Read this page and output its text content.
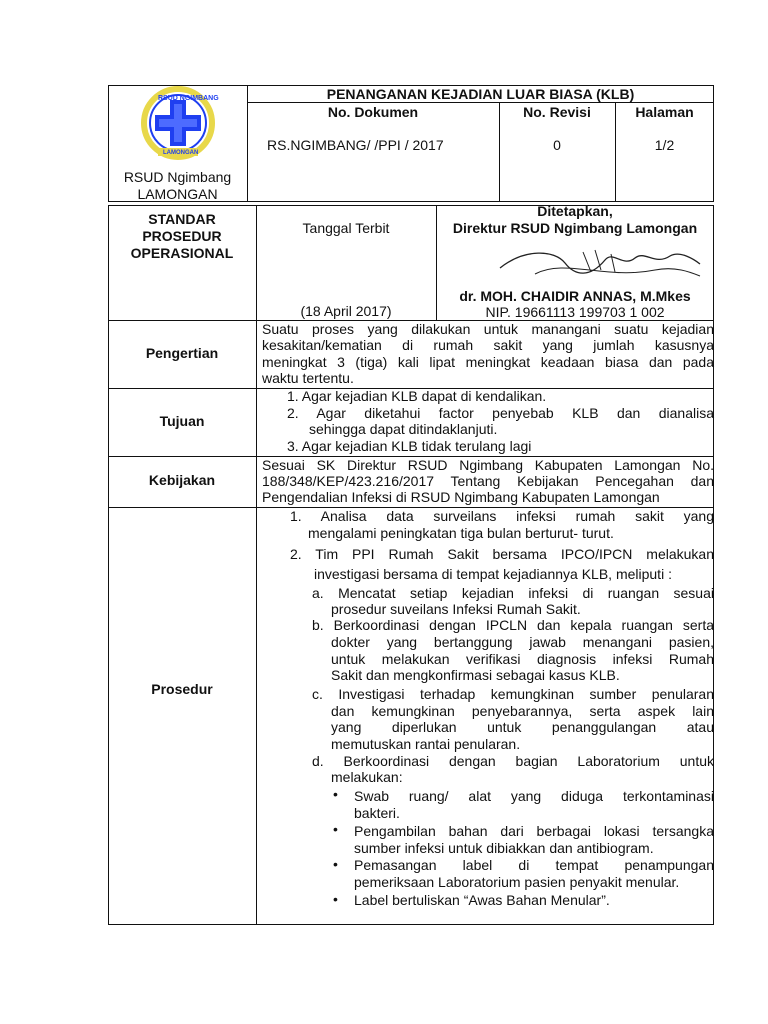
RSUD NGIMBANG
LAMONGAN
RSUD Ngimbang
LAMONGAN
PENANGANAN KEJADIAN LUAR BIASA (KLB)
No. Dokumen
RS.NGIMBANG/ /PPI / 2017
No. Revisi
0
Halaman
1/2
STANDAR
PROSEDUR
OPERASIONAL
Tanggal Terbit
(18 April 2017)
Ditetapkan,
Direktur RSUD Ngimbang Lamongan
dr. MOH. CHAIDIR ANNAS, M.Mkes
NIP. 19661113 199703 1 002
Pengertian
Suatu proses yang dilakukan untuk manangani suatu kejadian
kesakitan/kematian di rumah sakit yang jumlah kasusnya
meningkat 3 (tiga) kali lipat meningkat keadaan biasa dan pada
waktu tertentu.
Tujuan
1. Agar kejadian KLB dapat di kendalikan.
2. Agar diketahui factor penyebab KLB dan dianalisa
sehingga dapat ditindaklanjuti.
3. Agar kejadian KLB tidak terulang lagi
Kebijakan
Sesuai SK Direktur RSUD Ngimbang Kabupaten Lamongan No.
188/348/KEP/423.216/2017 Tentang Kebijakan Pencegahan dan
Pengendalian Infeksi di RSUD Ngimbang Kabupaten Lamongan
Prosedur
1. Analisa data surveilans infeksi rumah sakit yang
mengalami peningkatan tiga bulan berturut- turut.
2. Tim PPI Rumah Sakit bersama IPCO/IPCN melakukan
investigasi bersama di tempat kejadiannya KLB, meliputi :
a. Mencatat setiap kejadian infeksi di ruangan sesuai
prosedur suveilans Infeksi Rumah Sakit.
b. Berkoordinasi dengan IPCLN dan kepala ruangan serta
dokter yang bertanggung jawab menangani pasien,
untuk melakukan verifikasi diagnosis infeksi Rumah
Sakit dan mengkonfirmasi sebagai kasus KLB.
c. Investigasi terhadap kemungkinan sumber penularan
dan kemungkinan penyebarannya, serta aspek lain
yang diperlukan untuk penanggulangan atau
memutuskan rantai penularan.
d. Berkoordinasi dengan bagian Laboratorium untuk
melakukan:
• Swab ruang/ alat yang diduga terkontaminasi
bakteri.
• Pengambilan bahan dari berbagai lokasi tersangka
sumber infeksi untuk dibiakkan dan antibiogram.
• Pemasangan label di tempat penampungan
pemeriksaan Laboratorium pasien penyakit menular.
• Label bertuliskan “Awas Bahan Menular”.
